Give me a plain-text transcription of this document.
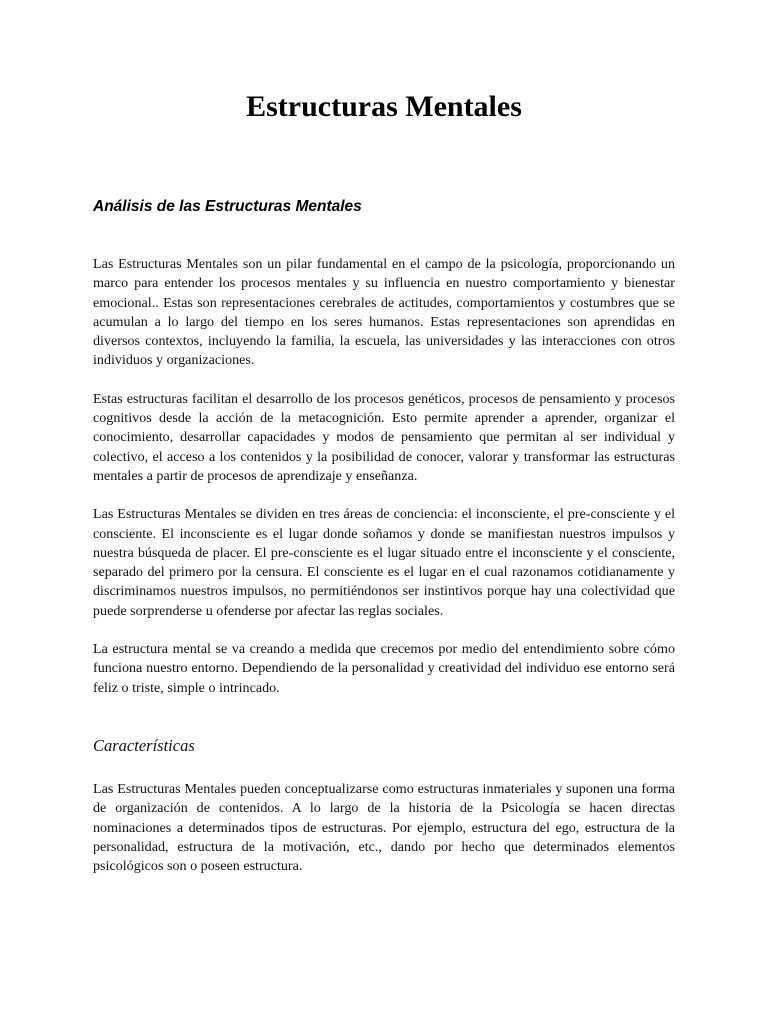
Estructuras Mentales
Análisis de las Estructuras Mentales

Las Estructuras Mentales son un pilar fundamental en el campo de la psicología, proporcionando un marco para entender los procesos mentales y su influencia en nuestro comportamiento y bienestar emocional.. Estas son representaciones cerebrales de actitudes, comportamientos y costumbres que se acumulan a lo largo del tiempo en los seres humanos. Estas representaciones son aprendidas en diversos contextos, incluyendo la familia, la escuela, las universidades y las interacciones con otros individuos y organizaciones.

Estas estructuras facilitan el desarrollo de los procesos genéticos, procesos de pensamiento y procesos cognitivos desde la acción de la metacognición. Esto permite aprender a aprender, organizar el conocimiento, desarrollar capacidades y modos de pensamiento que permitan al ser individual y colectivo, el acceso a los contenidos y la posibilidad de conocer, valorar y transformar las estructuras mentales a partir de procesos de aprendizaje y enseñanza.

Las Estructuras Mentales se dividen en tres áreas de conciencia: el inconsciente, el pre-consciente y el consciente. El inconsciente es el lugar donde soñamos y donde se manifiestan nuestros impulsos y nuestra búsqueda de placer. El pre-consciente es el lugar situado entre el inconsciente y el consciente, separado del primero por la censura. El consciente es el lugar en el cual razonamos cotidianamente y discriminamos nuestros impulsos, no permitiéndonos ser instintivos porque hay una colectividad que puede sorprenderse u ofenderse por afectar las reglas sociales.

La estructura mental se va creando a medida que crecemos por medio del entendimiento sobre cómo funciona nuestro entorno. Dependiendo de la personalidad y creatividad del individuo ese entorno será feliz o triste, simple o intrincado.

Características

Las Estructuras Mentales pueden conceptualizarse como estructuras inmateriales y suponen una forma de organización de contenidos. A lo largo de la historia de la Psicología se hacen directas nominaciones a determinados tipos de estructuras. Por ejemplo, estructura del ego, estructura de la personalidad, estructura de la motivación, etc., dando por hecho que determinados elementos psicológicos son o poseen estructura.
